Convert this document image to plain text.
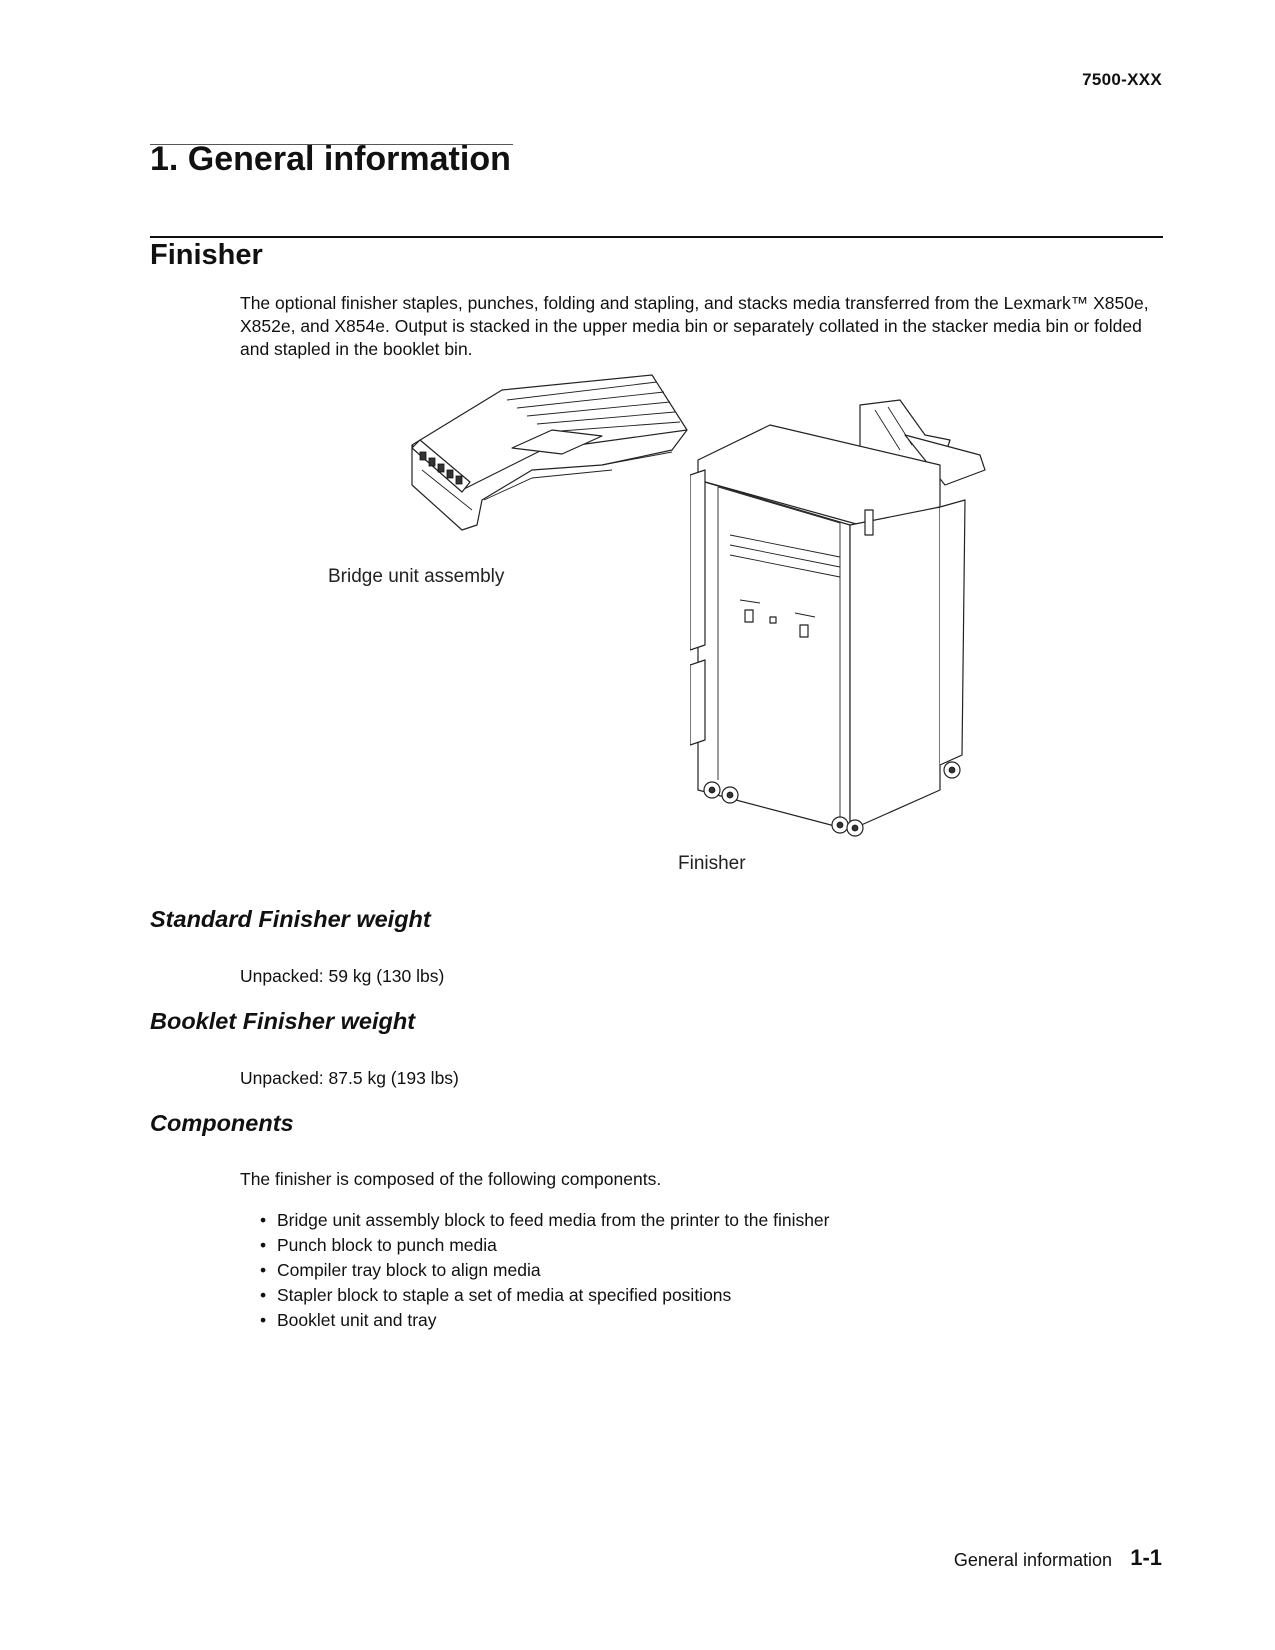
7500-XXX
1. General information
Finisher

The optional finisher staples, punches, folding and stapling, and stacks media transferred from the Lexmark™ X850e, X852e, and X854e. Output is stacked in the upper media bin or separately collated in the stacker media bin or folded and stapled in the booklet bin.

Bridge unit assembly
Finisher
Standard Finisher weight

Unpacked: 59 kg (130 lbs)

Booklet Finisher weight

Unpacked: 87.5 kg (193 lbs)

Components

The finisher is composed of the following components.

• Bridge unit assembly block to feed media from the printer to the finisher
• Punch block to punch media
• Compiler tray block to align media
• Stapler block to staple a set of media at specified positions
• Booklet unit and tray
General information 1-1
